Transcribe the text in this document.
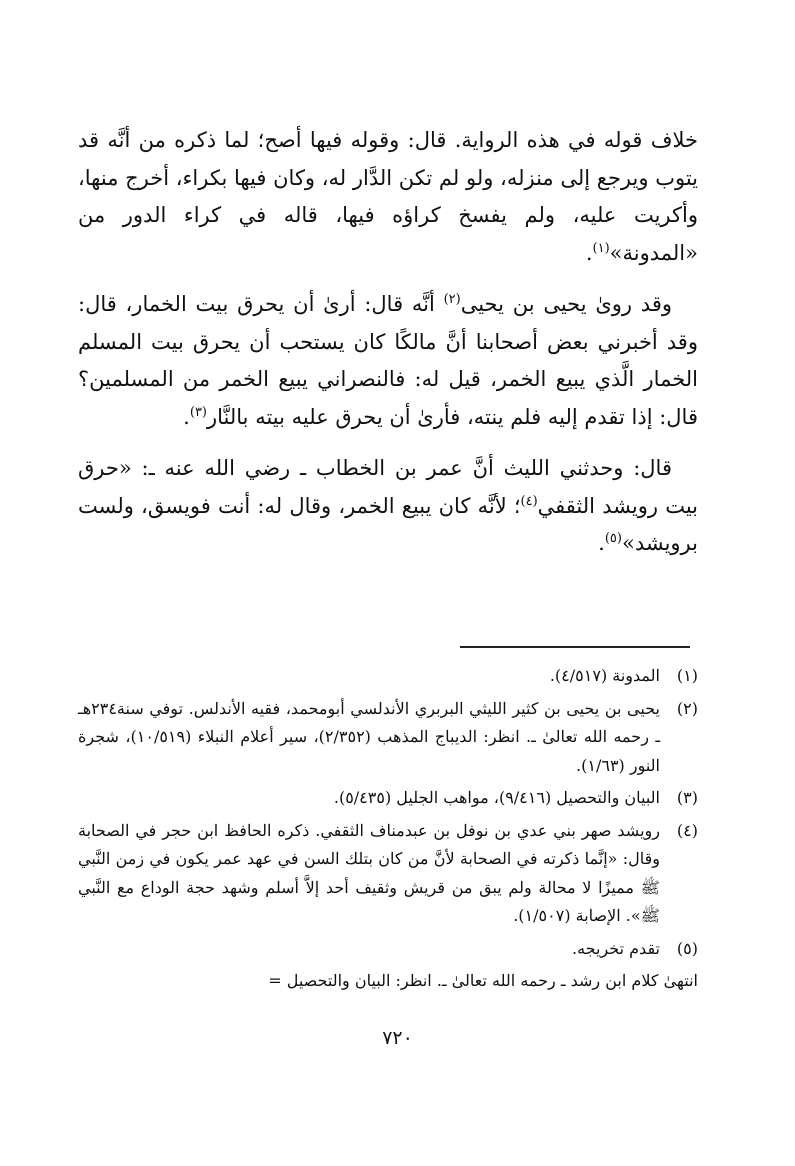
خلاف قوله في هذه الرواية. قال: وقوله فيها أصح؛ لما ذكره من أنَّه قد يتوب ويرجع إلى منزله، ولو لم تكن الدَّار له، وكان فيها بكراء، أخرج منها، وأكريت عليه، ولم يفسخ كراؤه فيها، قاله في كراء الدور من «المدونة»$^{(١)}$.

وقد روىٰ يحيى بن يحيى$^{(٢)}$ أنَّه قال: أرىٰ أن يحرق بيت الخمار، قال: وقد أخبرني بعض أصحابنا أنَّ مالكًا كان يستحب أن يحرق بيت المسلم الخمار الَّذي يبيع الخمر، قيل له: فالنصراني يبيع الخمر من المسلمين؟ قال: إذا تقدم إليه فلم ينته، فأرىٰ أن يحرق عليه بيته بالنَّار$^{(٣)}$.

قال: وحدثني الليث أنَّ عمر بن الخطاب ـ رضي الله عنه ـ: «حرق بيت رويشد الثقفي$^{(٤)}$؛ لأنَّه كان يبيع الخمر، وقال له: أنت فويسق، ولست برويشد»$^{(٥)}$.

(١)
المدونة (٤/٥١٧).
(٢)
يحيى بن يحيى بن كثير الليثي البربري الأندلسي أبومحمد، فقيه الأندلس. توفي سنة٢٣٤هـ ـ رحمه الله تعالىٰ ـ. انظر: الديباج المذهب (٢/٣٥٢)، سير أعلام النبلاء (١٠/٥١٩)، شجرة النور (١/٦٣).
(٣)
البيان والتحصيل (٩/٤١٦)، مواهب الجليل (٥/٤٣٥).
(٤)
رويشد صهر بني عدي بن نوفل بن عبدمناف الثقفي. ذكره الحافظ ابن حجر في الصحابة وقال: «إنَّما ذكرته في الصحابة لأنَّ من كان بتلك السن في عهد عمر يكون في زمن النَّبي ﷺ مميزًا لا محالة ولم يبق من قريش وثقيف أحد إلاَّ أسلم وشهد حجة الوداع مع النَّبي ﷺ». الإصابة (١/٥٠٧).
(٥)
تقدم تخريجه.
انتهىٰ كلام ابن رشد ـ رحمه الله تعالىٰ ـ. انظر: البيان والتحصيل =
٧٢٠
